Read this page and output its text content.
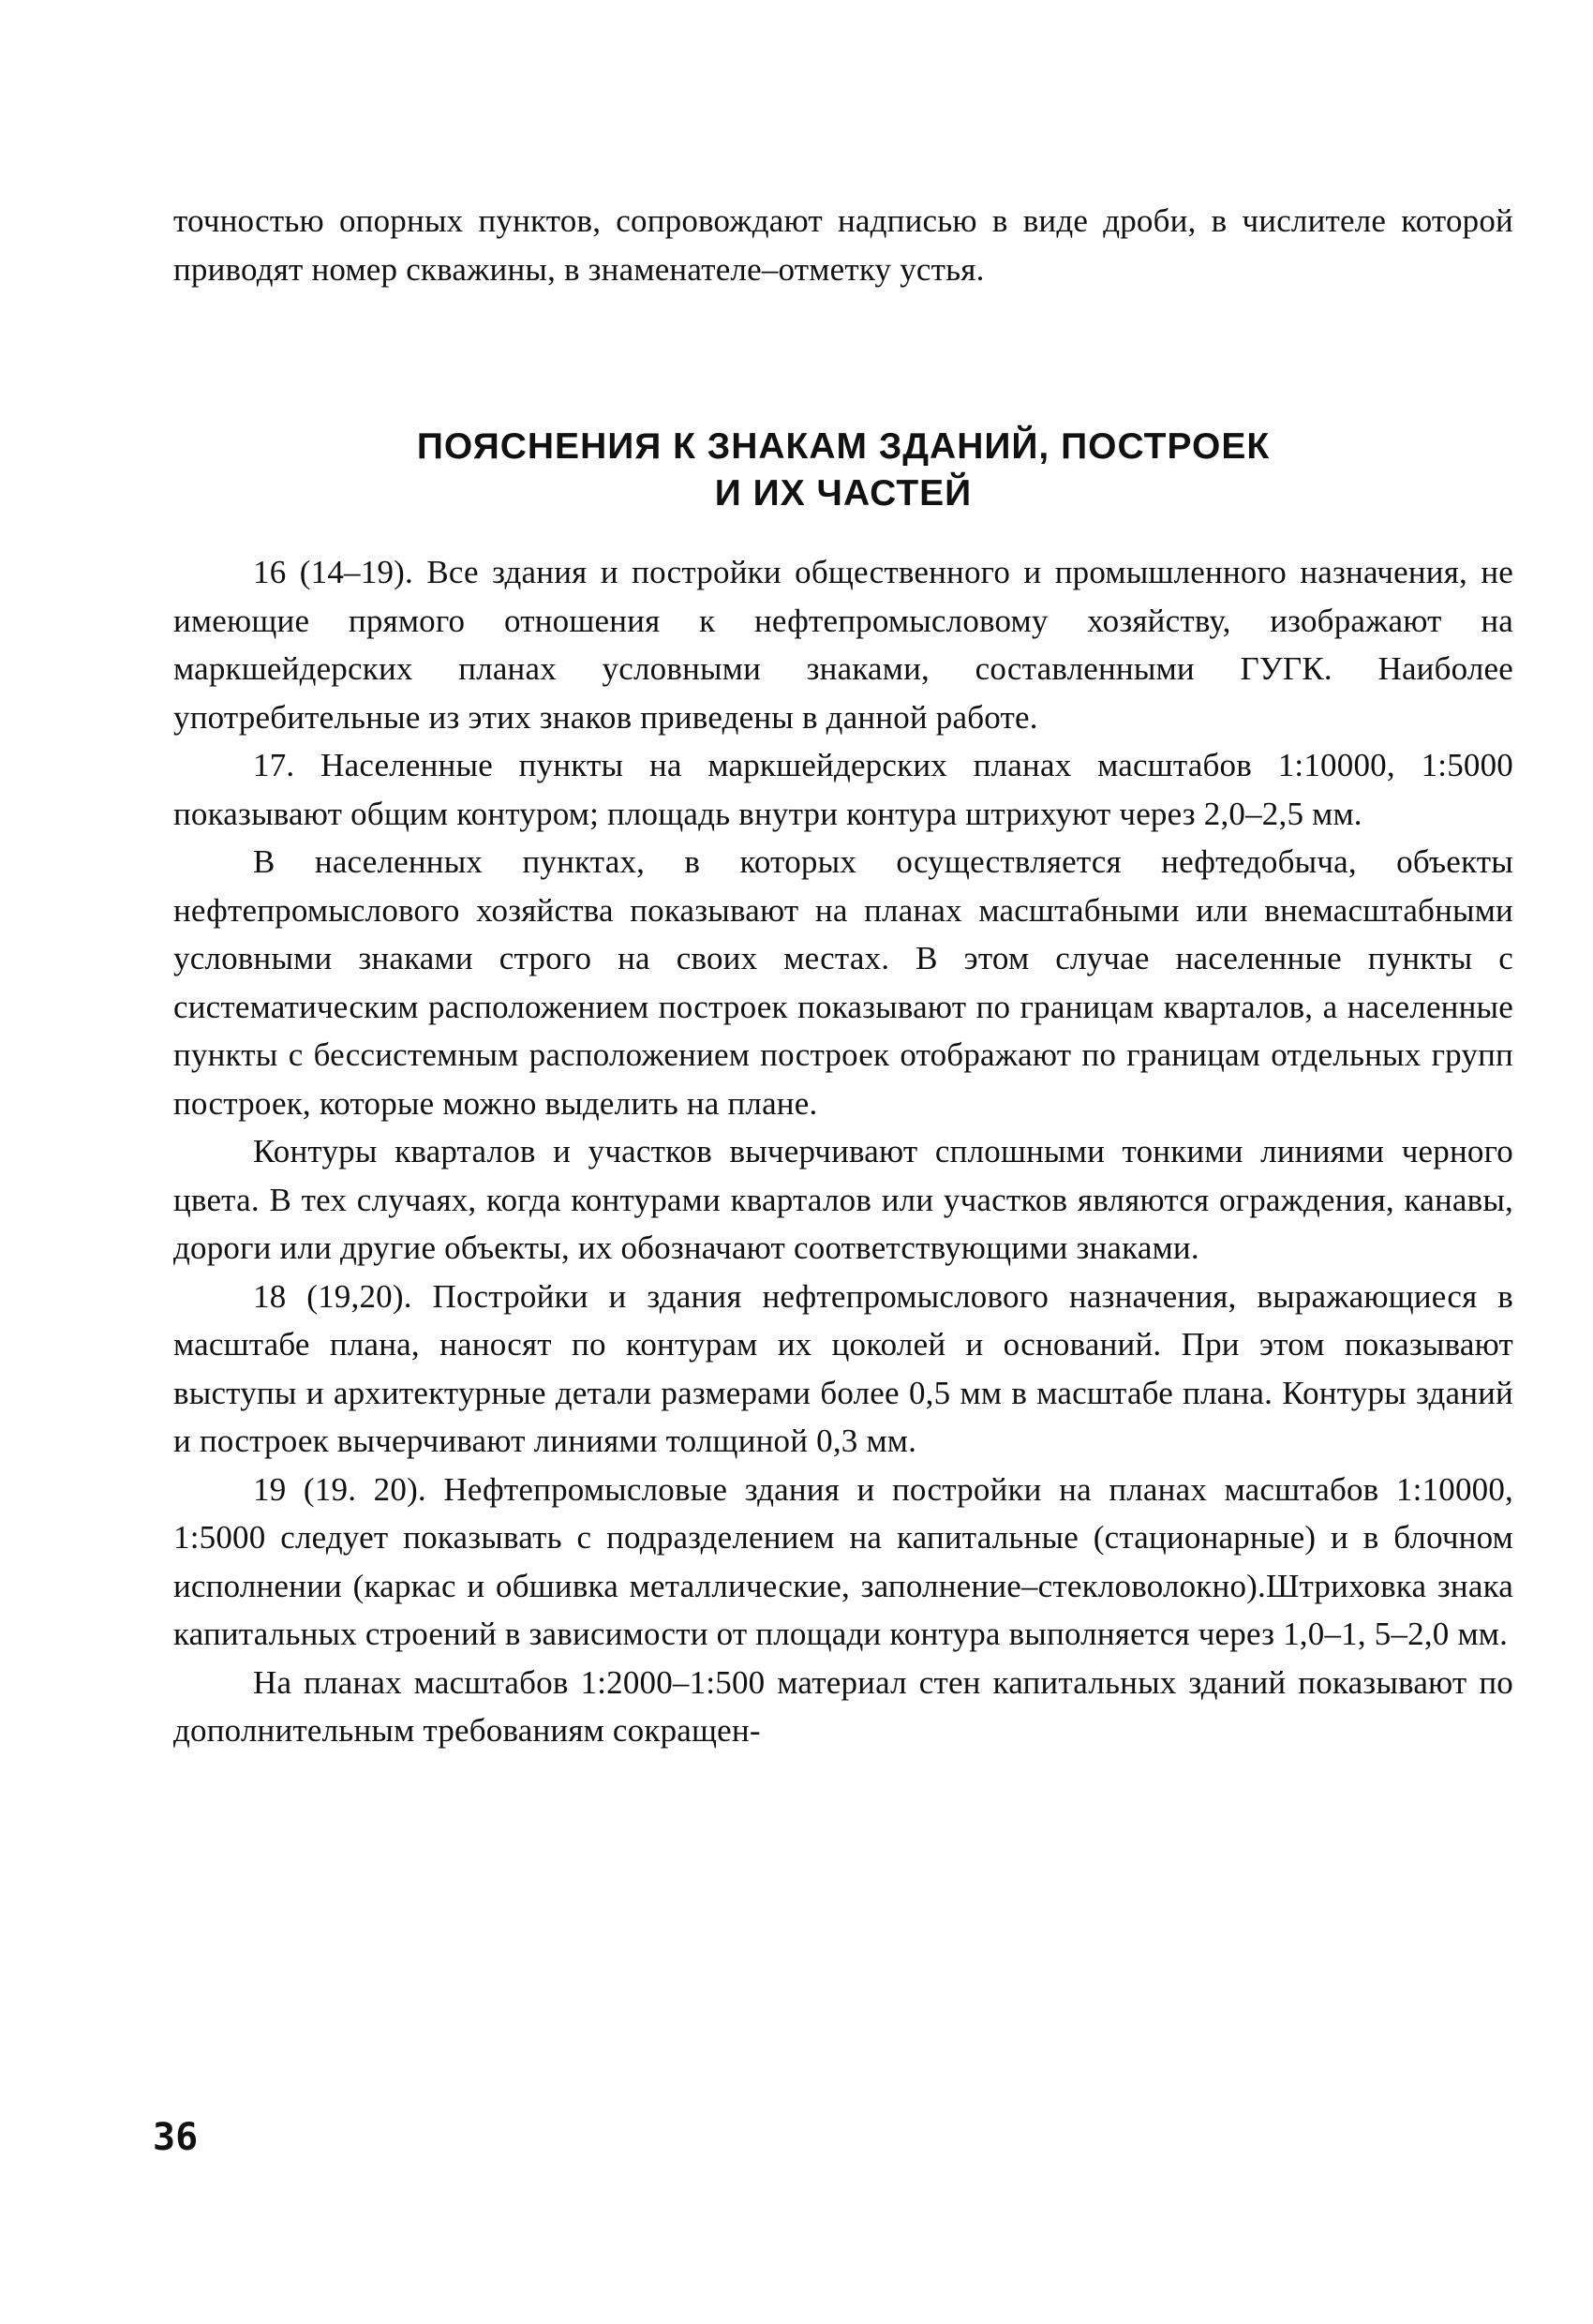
точностью опорных пунктов, сопровождают надписью в виде дроби, в числителе которой приводят номер скважины, в знаменателе–отметку устья.

ПОЯСНЕНИЯ К ЗНАКАМ ЗДАНИЙ, ПОСТРОЕК
И ИХ ЧАСТЕЙ

16 (14–19). Все здания и постройки общественного и промышленного назначения, не имеющие прямого отношения к нефтепромысловому хозяйству, изображают на маркшейдерских планах условными знаками, составленными ГУГК. Наиболее употребительные из этих знаков приведены в данной работе.

17. Населенные пункты на маркшейдерских планах масштабов 1:10000, 1:5000 показывают общим контуром; площадь внутри контура штрихуют через 2,0–2,5 мм.

В населенных пунктах, в которых осуществляется нефтедобыча, объекты нефтепромыслового хозяйства показывают на планах масштабными или внемасштабными условными знаками строго на своих местах. В этом случае населенные пункты с систематическим расположением построек показывают по границам кварталов, а населенные пункты с бессистемным расположением построек отображают по границам отдельных групп построек, которые можно выделить на плане.

Контуры кварталов и участков вычерчивают сплошными тонкими линиями черного цвета. В тех случаях, когда контурами кварталов или участков являются ограждения, канавы, дороги или другие объекты, их обозначают соответствующими знаками.

18 (19,20). Постройки и здания нефтепромыслового назначения, выражающиеся в масштабе плана, наносят по контурам их цоколей и оснований. При этом показывают выступы и архитектурные детали размерами более 0,5 мм в масштабе плана. Контуры зданий и построек вычерчивают линиями толщиной 0,3 мм.

19 (19. 20). Нефтепромысловые здания и постройки на планах масштабов 1:10000, 1:5000 следует показывать с подразделением на капитальные (стационарные) и в блочном исполнении (каркас и обшивка металлические, заполнение–стекловолокно).Штриховка знака капитальных строений в зависимости от площади контура выполняется через 1,0–1, 5–2,0 мм.

На планах масштабов 1:2000–1:500 материал стен капитальных зданий показывают по дополнительным требованиям сокращен-

36
